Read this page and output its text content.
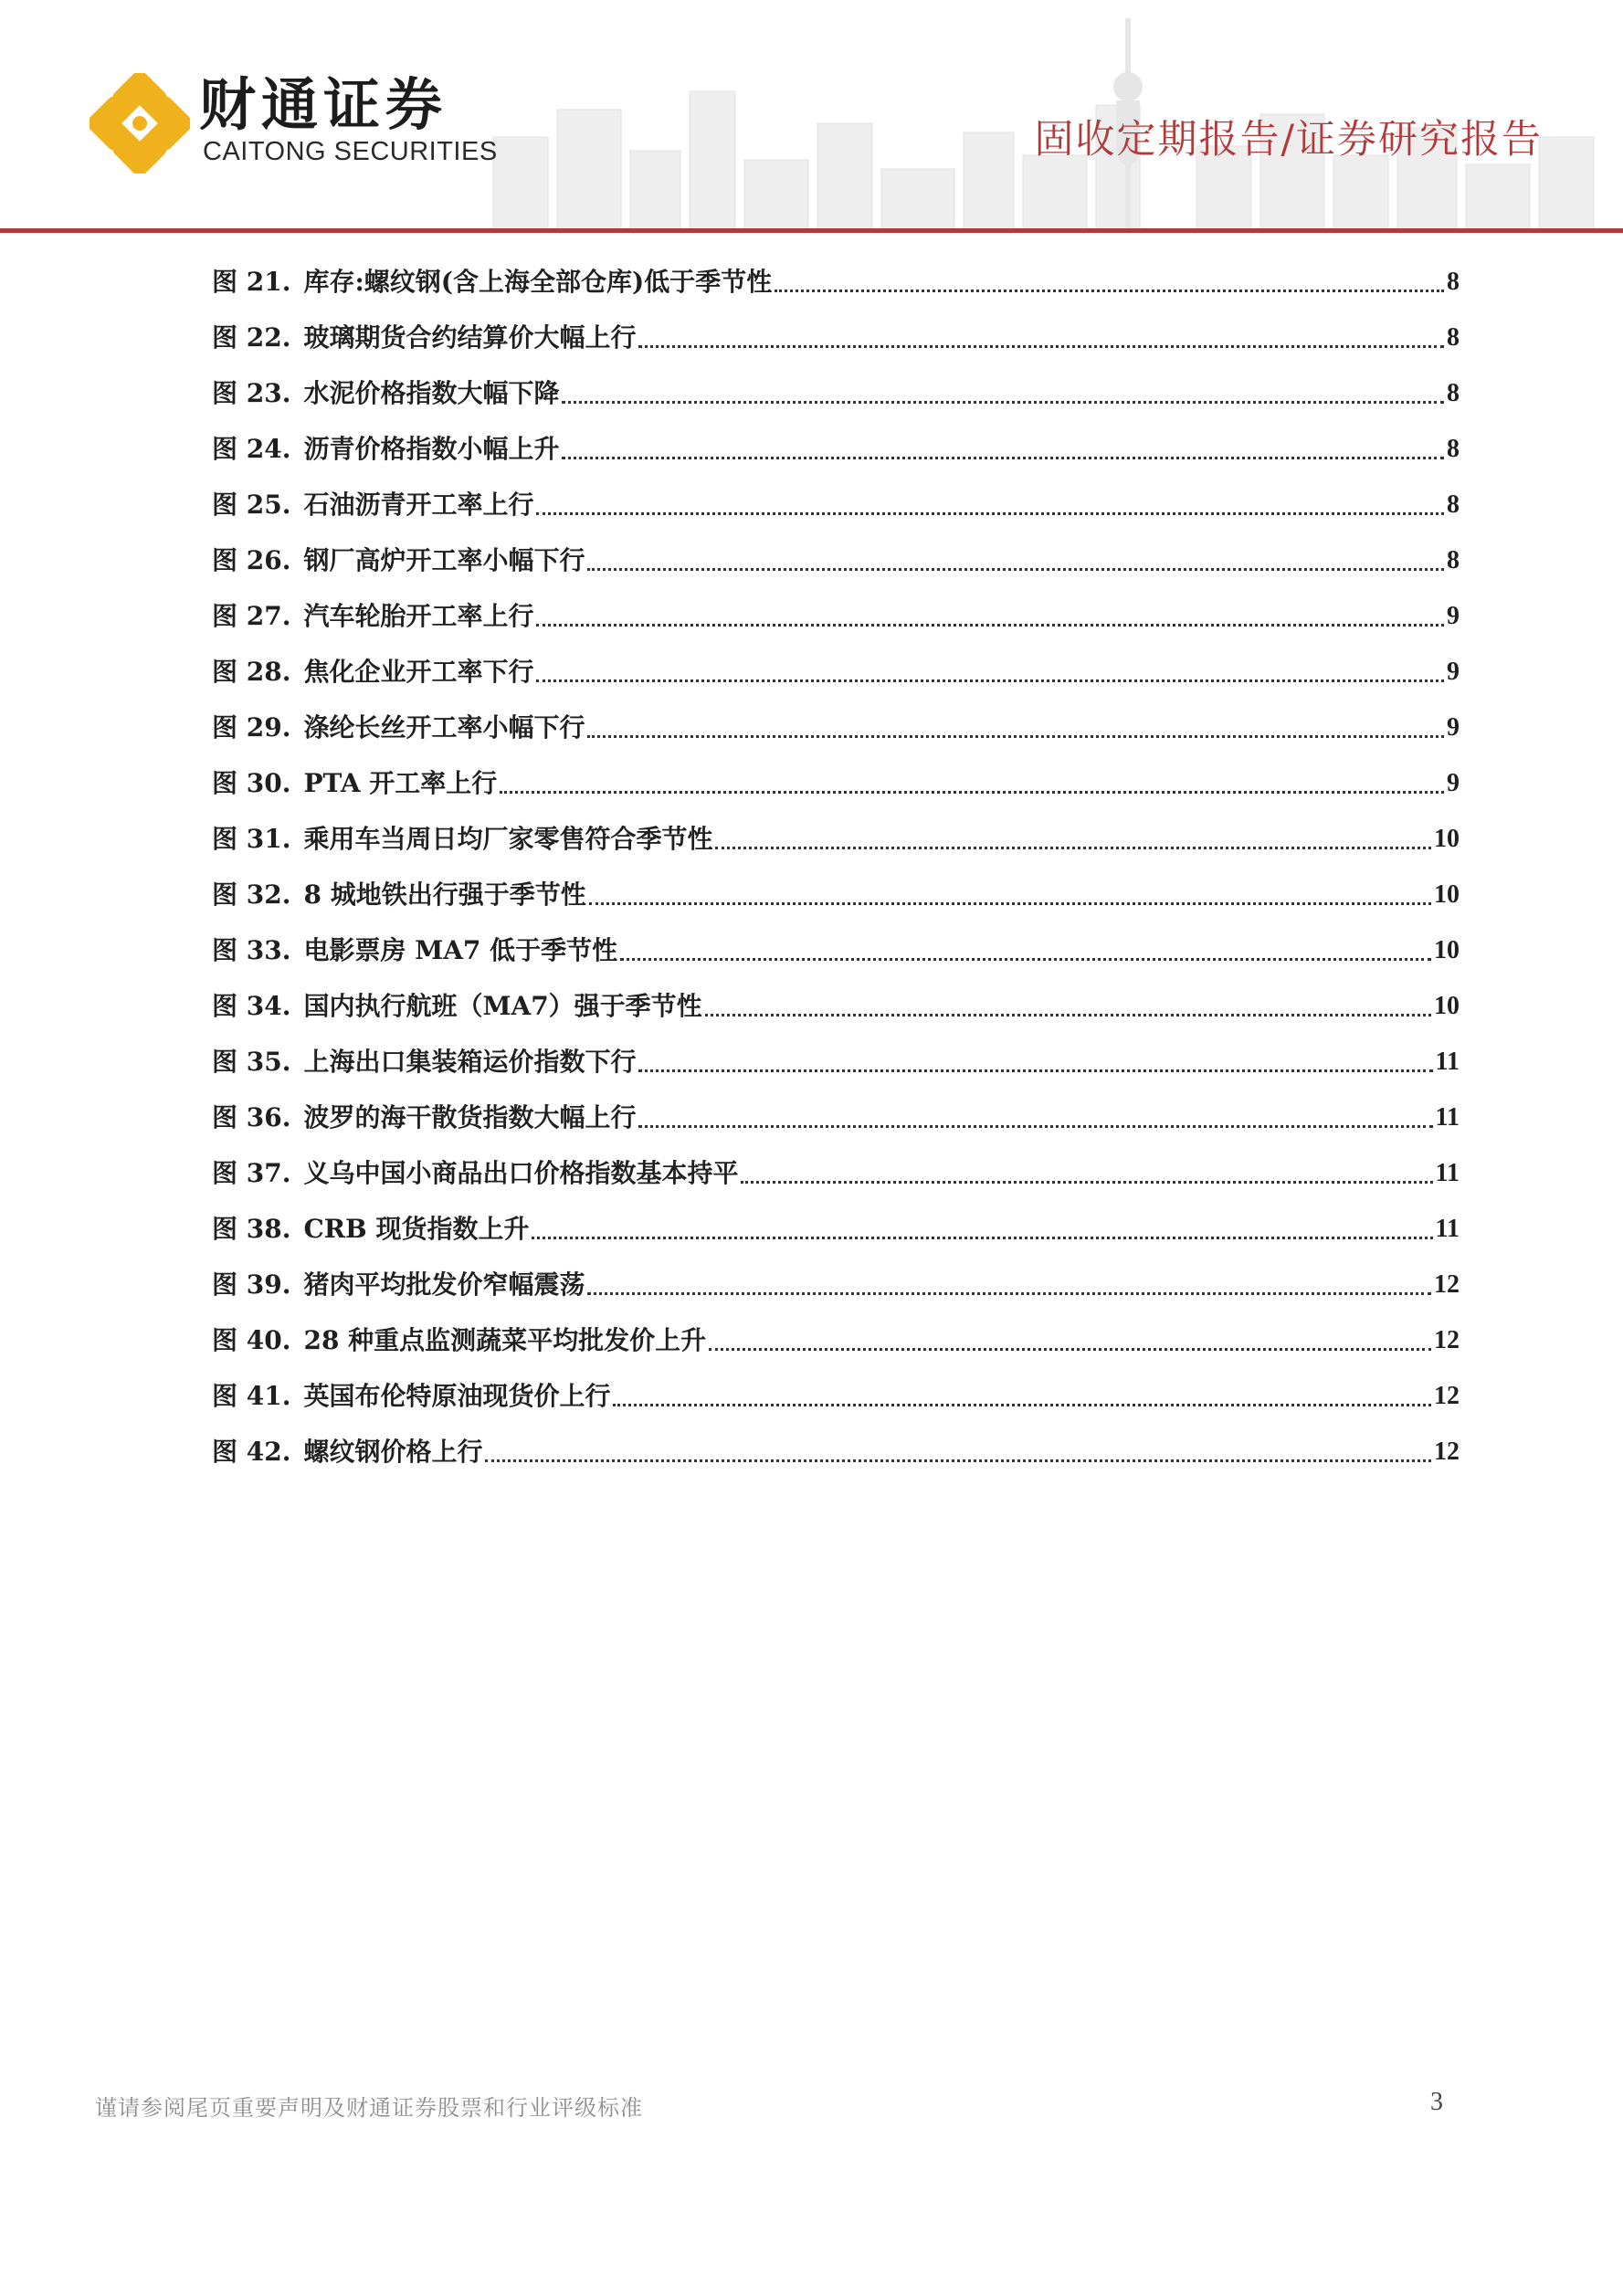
财通证券
CAITONG SECURITIES	固收定期报告/证券研究报告
图 21. 库存:螺纹钢(含上海全部仓库)低于季节性	8
图 22. 玻璃期货合约结算价大幅上行	8
图 23. 水泥价格指数大幅下降	8
图 24. 沥青价格指数小幅上升	8
图 25. 石油沥青开工率上行	8
图 26. 钢厂高炉开工率小幅下行	8
图 27. 汽车轮胎开工率上行	9
图 28. 焦化企业开工率下行	9
图 29. 涤纶长丝开工率小幅下行	9
图 30. PTA 开工率上行	9
图 31. 乘用车当周日均厂家零售符合季节性	10
图 32. 8 城地铁出行强于季节性	10
图 33. 电影票房 MA7 低于季节性	10
图 34. 国内执行航班（MA7）强于季节性	10
图 35. 上海出口集装箱运价指数下行	11
图 36. 波罗的海干散货指数大幅上行	11
图 37. 义乌中国小商品出口价格指数基本持平	11
图 38. CRB 现货指数上升	11
图 39. 猪肉平均批发价窄幅震荡	12
图 40. 28 种重点监测蔬菜平均批发价上升	12
图 41. 英国布伦特原油现货价上行	12
图 42. 螺纹钢价格上行	12
谨请参阅尾页重要声明及财通证券股票和行业评级标准	3
